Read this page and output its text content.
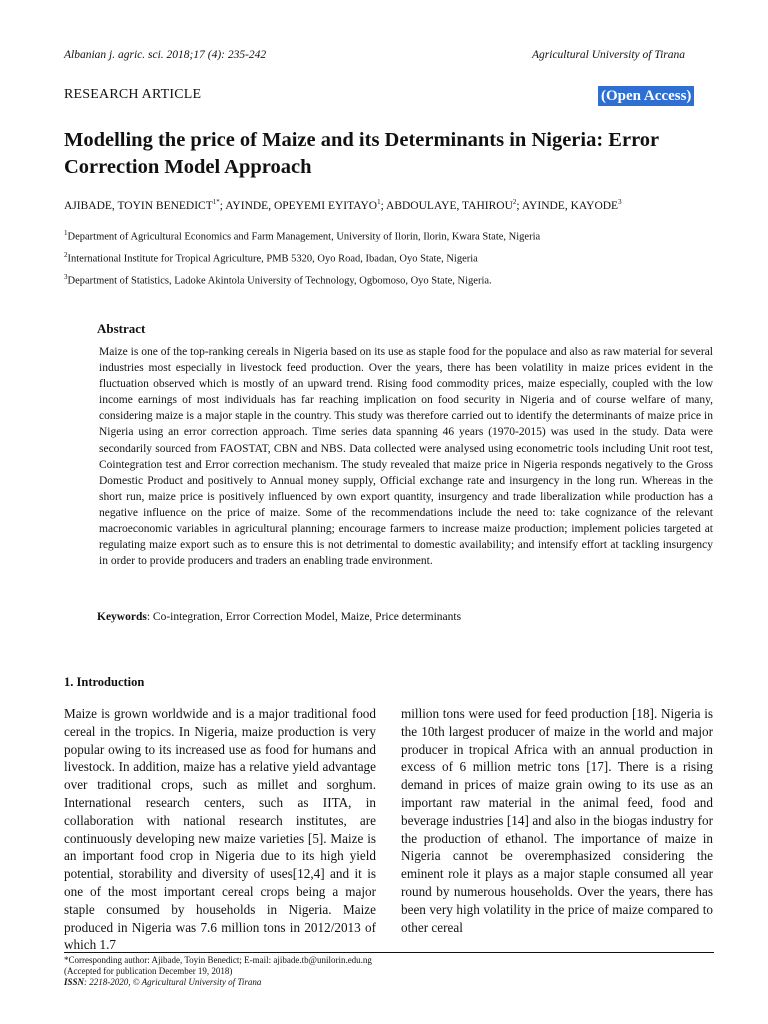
Albanian j. agric. sci. 2018;17 (4): 235-242	Agricultural University of Tirana
RESEARCH ARTICLE	(Open Access)
Modelling the price of Maize and its Determinants in Nigeria: Error Correction Model Approach
AJIBADE, TOYIN $BENEDICT^{1*}$; AYINDE, OPEYEMI EYITAYO$^1$; ABDOULAYE, TAHIROU$^2$; AYINDE, KAYODE$^3$
$^1$Department of Agricultural Economics and Farm Management, University of Ilorin, Ilorin, Kwara State, Nigeria
$^2$International Institute for Tropical Agriculture, PMB 5320, Oyo Road, Ibadan, Oyo State, Nigeria
$^3$Department of Statistics, Ladoke Akintola University of Technology, Ogbomoso, Oyo State, Nigeria.
Abstract
Maize is one of the top-ranking cereals in Nigeria based on its use as staple food for the populace and also as raw material for several industries most especially in livestock feed production. Over the years, there has been volatility in maize prices evident in the fluctuation observed which is mostly of an upward trend. Rising food commodity prices, maize especially, coupled with the low income earnings of most individuals has far reaching implication on food security in Nigeria and of course welfare of many, considering maize is a major staple in the country. This study was therefore carried out to identify the determinants of maize price in Nigeria using an error correction approach. Time series data spanning 46 years (1970-2015) was used in the study. Data were secondarily sourced from FAOSTAT, CBN and NBS. Data collected were analysed using econometric tools including Unit root test, Cointegration test and Error correction mechanism. The study revealed that maize price in Nigeria responds negatively to the Gross Domestic Product and positively to Annual money supply, Official exchange rate and insurgency in the long run. Whereas in the short run, maize price is positively influenced by own export quantity, insurgency and trade liberalization while production has a negative influence on the price of maize. Some of the recommendations include the need to: take cognizance of the relevant macroeconomic variables in agricultural planning; encourage farmers to increase maize production; implement policies targeted at regulating maize export such as to ensure this is not detrimental to domestic availability; and intensify effort at tackling insurgency in order to provide producers and traders an enabling trade environment.
Keywords: Co-integration, Error Correction Model, Maize, Price determinants
1. Introduction
Maize is grown worldwide and is a major traditional food cereal in the tropics. In Nigeria, maize production is very popular owing to its increased use as food for humans and livestock. In addition, maize has a relative yield advantage over traditional crops, such as millet and sorghum. International research centers, such as IITA, in collaboration with national research institutes, are continuously developing new maize varieties [5]. Maize is an important food crop in Nigeria due to its high yield potential, storability and diversity of uses[12,4] and it is one of the most important cereal crops being a major staple consumed by households in Nigeria. Maize produced in Nigeria was 7.6 million tons in 2012/2013 of which 1.7
million tons were used for feed production [18]. Nigeria is the 10th largest producer of maize in the world and major producer in tropical Africa with an annual production in excess of 6 million metric tons [17]. There is a rising demand in prices of maize grain owing to its use as an important raw material in the animal feed, food and beverage industries [14] and also in the biogas industry for the production of ethanol. The importance of maize in Nigeria cannot be overemphasized considering the eminent role it plays as a major staple consumed all year round by numerous households. Over the years, there has been very high volatility in the price of maize compared to other cereal
*Corresponding author: Ajibade, Toyin Benedict; E-mail: ajibade.tb@unilorin.edu.ng
(Accepted for publication December 19, 2018)
ISSN: 2218-2020, © Agricultural University of Tirana
